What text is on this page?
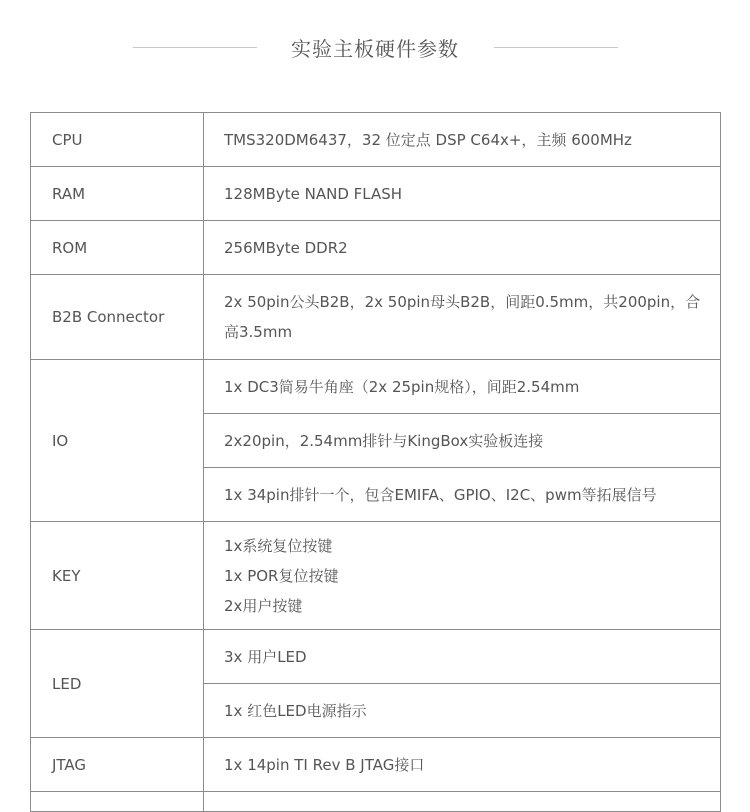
实验主板硬件参数
CPU	TMS320DM6437，32 位定点 DSP C64x+，主频 600MHz
RAM	128MByte NAND FLASH
ROM	256MByte DDR2
B2B Connector	2x 50pin公头B2B，2x 50pin母头B2B，间距0.5mm，共200pin，合高3.5mm
IO	1x DC3简易牛角座（2x 25pin规格），间距2.54mm
	2x20pin，2.54mm排针与KingBox实验板连接
	1x 34pin排针一个，包含EMIFA、GPIO、I2C、pwm等拓展信号
KEY	1x系统复位按键
1x POR复位按键
2x用户按键

LED	3x 用户LED
	1x 红色LED电源指示
JTAG	1x 14pin TI Rev B JTAG接口
